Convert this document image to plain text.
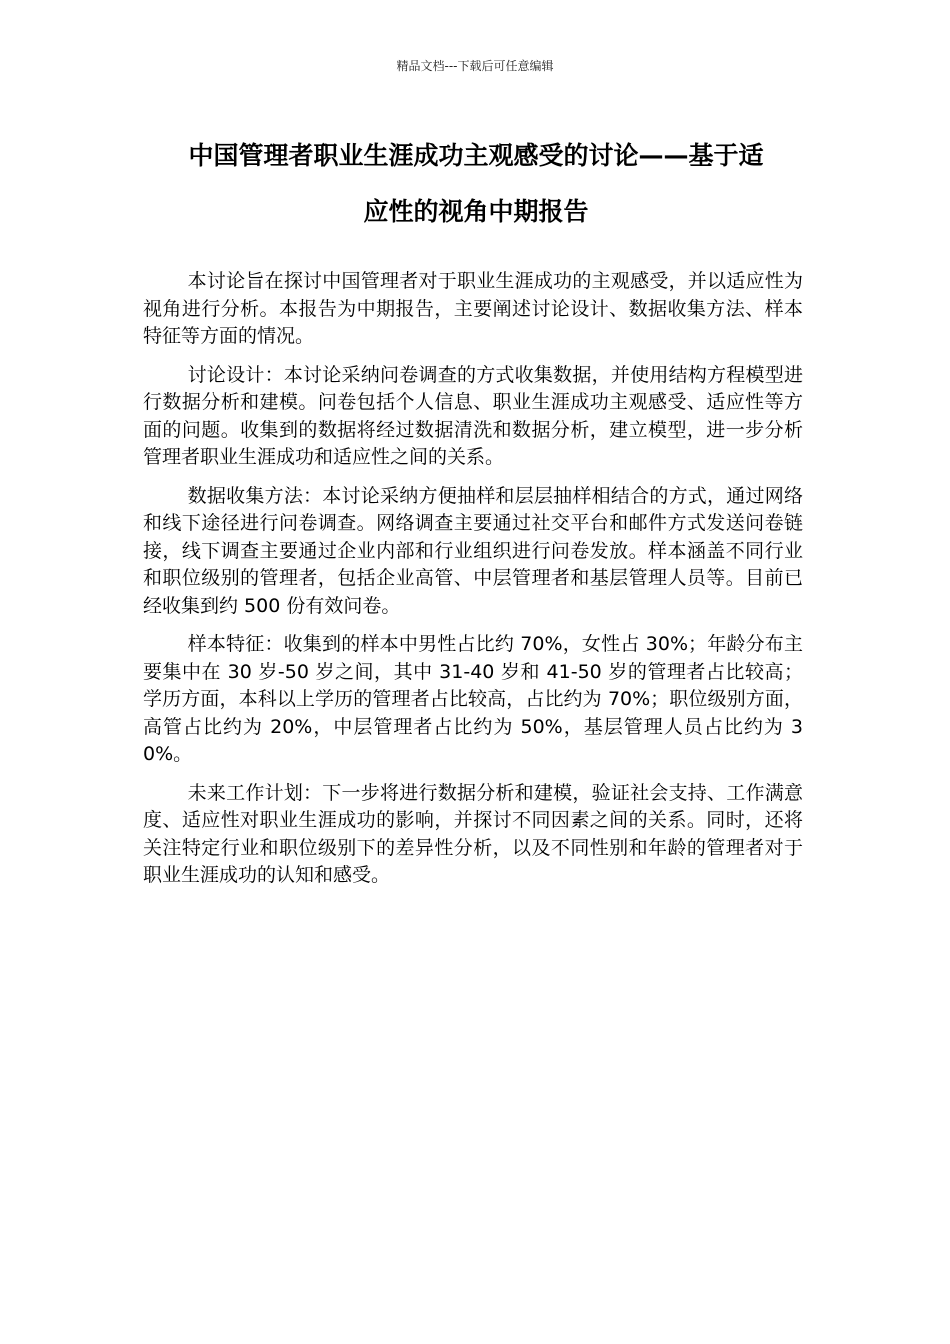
精品文档---下载后可任意编辑
中国管理者职业生涯成功主观感受的讨论——基于适
应性的视角中期报告

本讨论旨在探讨中国管理者对于职业生涯成功的主观感受，并以适应性为视角进行分析。本报告为中期报告，主要阐述讨论设计、数据收集方法、样本特征等方面的情况。

讨论设计：本讨论采纳问卷调查的方式收集数据，并使用结构方程模型进行数据分析和建模。问卷包括个人信息、职业生涯成功主观感受、适应性等方面的问题。收集到的数据将经过数据清洗和数据分析，建立模型，进一步分析管理者职业生涯成功和适应性之间的关系。

数据收集方法：本讨论采纳方便抽样和层层抽样相结合的方式，通过网络和线下途径进行问卷调查。网络调查主要通过社交平台和邮件方式发送问卷链接，线下调查主要通过企业内部和行业组织进行问卷发放。样本涵盖不同行业和职位级别的管理者，包括企业高管、中层管理者和基层管理人员等。目前已经收集到约 500 份有效问卷。

样本特征：收集到的样本中男性占比约 70%，女性占 30%；年龄分布主要集中在 30 岁-50 岁之间，其中 31-40 岁和 41-50 岁的管理者占比较高；学历方面，本科以上学历的管理者占比较高，占比约为 70%；职位级别方面，高管占比约为 20%，中层管理者占比约为 50%，基层管理人员占比约为 30%。

未来工作计划：下一步将进行数据分析和建模，验证社会支持、工作满意度、适应性对职业生涯成功的影响，并探讨不同因素之间的关系。同时，还将关注特定行业和职位级别下的差异性分析，以及不同性别和年龄的管理者对于职业生涯成功的认知和感受。
